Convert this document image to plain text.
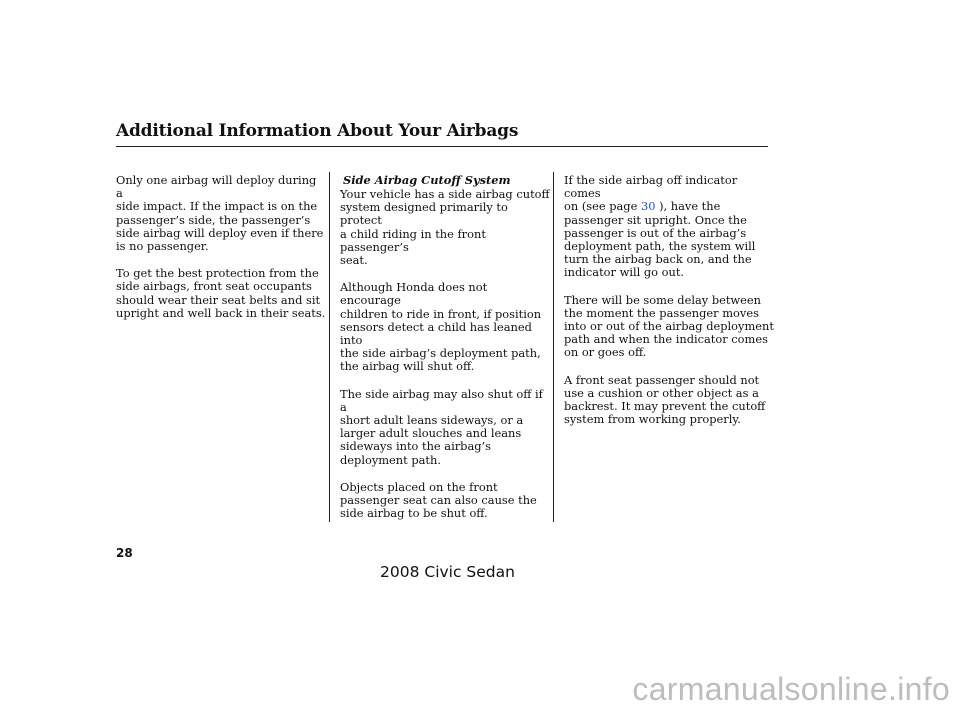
Additional Information About Your Airbags

Only one airbag will deploy during a
side impact. If the impact is on the
passenger’s side, the passenger’s
side airbag will deploy even if there
is no passenger.

To get the best protection from the
side airbags, front seat occupants
should wear their seat belts and sit
upright and well back in their seats.

Side Airbag Cutoff System

Your vehicle has a side airbag cutoff
system designed primarily to protect
a child riding in the front passenger’s
seat.

Although Honda does not encourage
children to ride in front, if position
sensors detect a child has leaned into
the side airbag’s deployment path,
the airbag will shut off.

The side airbag may also shut off if a
short adult leans sideways, or a
larger adult slouches and leans
sideways into the airbag’s
deployment path.

Objects placed on the front
passenger seat can also cause the
side airbag to be shut off.

If the side airbag off indicator comes
on (see page 30 ), have the
passenger sit upright. Once the
passenger is out of the airbag’s
deployment path, the system will
turn the airbag back on, and the
indicator will go out.

There will be some delay between
the moment the passenger moves
into or out of the airbag deployment
path and when the indicator comes
on or goes off.

A front seat passenger should not
use a cushion or other object as a
backrest. It may prevent the cutoff
system from working properly.

28
2008 Civic Sedan
carmanualsonline.info
